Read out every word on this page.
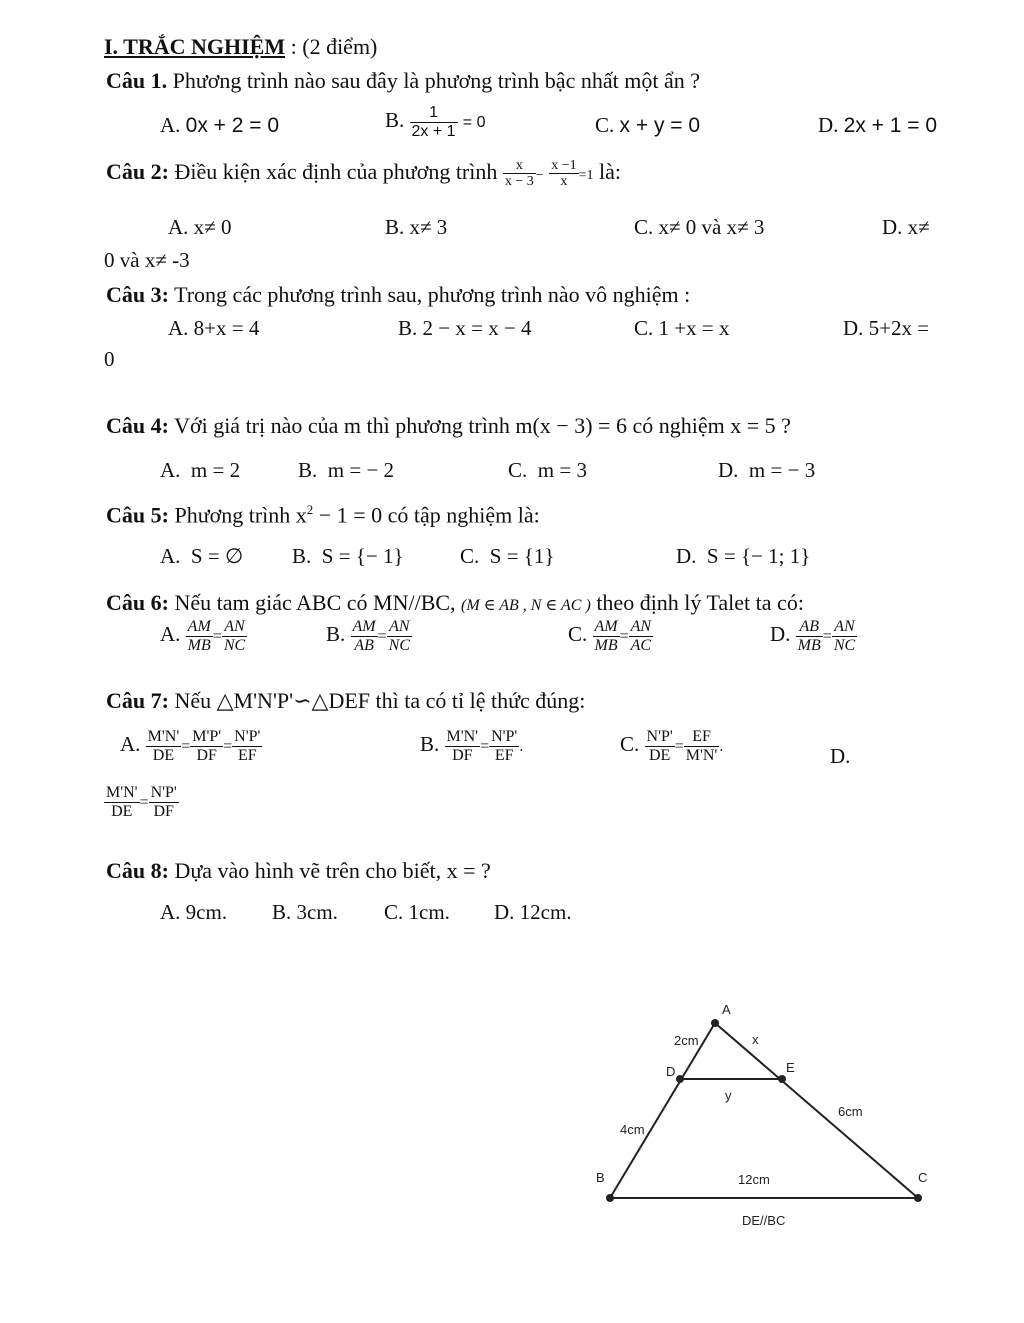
I. TRẮC NGHIỆM : (2 điểm)
Câu 1. Phương trình nào sau đây là phương trình bậc nhất một ẩn ?
A. 0x + 2 = 0	B. $\frac{1}{2x + 1} = 0$	C. x + y = 0	D. 2x + 1 = 0
Câu 2: Điều kiện xác định của phương trình $\frac{x}{x - 3} - \frac{x -1}{x} =1$ là:
A. x≠ 0	B. x≠ 3	C. x≠ 0 và x≠ 3	D. x≠
0 và x≠ -3
Câu 3: Trong các phương trình sau, phương trình nào vô nghiệm :
A. 8+x = 4	B. 2 − x = x − 4	C. 1 +x = x	D. 5+2x =
0
Câu 4: Với giá trị nào của m thì phương trình m(x − 3) = 6 có nghiệm x = 5 ?
A. m = 2	B. m = − 2	C. m = 3	D. m = − 3
Câu 5: Phương trình $x^2 - 1 = 0$ có tập nghiệm là:
A. S = ∅ B. S = {− 1}	C. S = {1}	D. S = {− 1; 1}
Câu 6: Nếu tam giác ABC có MN//BC, (M ∈ AB , N ∈ AC ) theo định lý Talet ta có:
A. $\frac{AM}{MB} = \frac{AN}{NC}$	B. $\frac{AM}{AB} = \frac{AN}{NC}$	C. $\frac{AM}{MB} = \frac{AN}{AC}$	D. $\frac{AB}{MB} = \frac{AN}{NC}$
Câu 7: Nếu △M'N'P'∽△DEF thì ta có tỉ lệ thức đúng:
A. $\frac{M'N'}{DE} = \frac{M'P'}{DF} = \frac{N'P'}{EF}$	B. $\frac{M'N'}{DF} = \frac{N'P'}{EF}$ .	C. $\frac{N'P'}{DE} = \frac{EF}{M'N'}$ .	D.
$\frac{M'N'}{DE} = \frac{N'P'}{DF}$
Câu 8: Dựa vào hình vẽ trên cho biết, x = ?
A. 9cm. B. 3cm. C. 1cm. D. 12cm.
A
D	E
B	C
2cm	x
y
4cm
6cm
12cm
DE//BC
